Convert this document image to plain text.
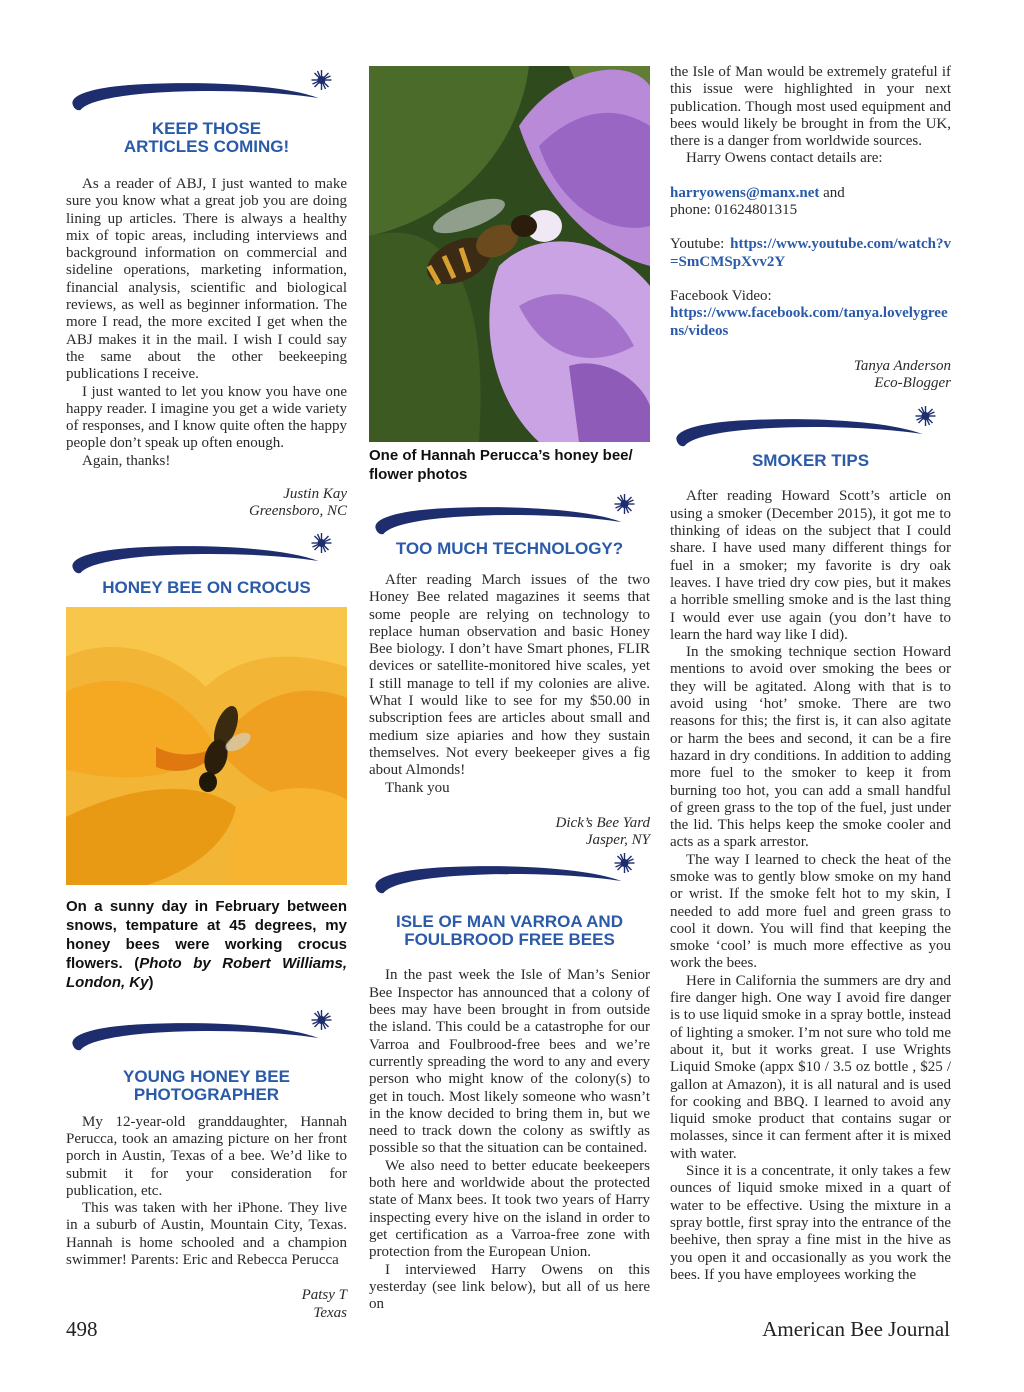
KEEP THOSE
ARTICLES COMING!

As a reader of ABJ, I just wanted to make sure you know what a great job you are doing lining up articles. There is always a healthy mix of topic areas, including interviews and background information on commercial and sideline operations, marketing information, financial analysis, scientific and biological reviews, as well as beginner information. The more I read, the more excited I get when the ABJ makes it in the mail. I wish I could say the same about the other beekeeping publications I receive.

I just wanted to let you know you have one happy reader. I imagine you get a wide variety of responses, and I know quite often the happy people don’t speak up often enough.

Again, thanks!

Justin Kay

Greensboro, NC

HONEY BEE ON CROCUS

On a sunny day in February between snows, tempature at 45 degrees, my honey bees were working crocus flowers. (Photo by Robert Williams, London, Ky)

YOUNG HONEY BEE
PHOTOGRAPHER

My 12-year-old granddaughter, Hannah Perucca, took an amazing picture on her front porch in Austin, Texas of a bee. We’d like to submit it for your consideration for publication, etc.

This was taken with her iPhone. They live in a suburb of Austin, Mountain City, Texas. Hannah is home schooled and a champion swimmer! Parents: Eric and Rebecca Perucca

Patsy T

Texas

One of Hannah Perucca’s honey bee/ flower photos

TOO MUCH TECHNOLOGY?

After reading March issues of the two Honey Bee related magazines it seems that some people are relying on technology to replace human observation and basic Honey Bee biology. I don’t have Smart phones, FLIR devices or satellite-monitored hive scales, yet I still manage to tell if my colonies are alive. What I would like to see for my $50.00 in subscription fees are articles about small and medium size apiaries and how they sustain themselves. Not every beekeeper gives a fig about Almonds!

Thank you

Dick’s Bee Yard

Jasper, NY

ISLE OF MAN VARROA AND
FOULBROOD FREE BEES

In the past week the Isle of Man’s Senior Bee Inspector has announced that a colony of bees may have been brought in from outside the island. This could be a catastrophe for our Varroa and Foulbrood-free bees and we’re currently spreading the word to any and every person who might know of the colony(s) to get in touch. Most likely someone who wasn’t in the know decided to bring them in, but we need to track down the colony as swiftly as possible so that the situation can be contained.

We also need to better educate beekeepers both here and worldwide about the protected state of Manx bees. It took two years of Harry inspecting every hive on the island in order to get certification as a Varroa-free zone with protection from the European Union.

I interviewed Harry Owens on this yesterday (see link below), but all of us here on

the Isle of Man would be extremely grateful if this issue were highlighted in your next publication. Though most used equipment and bees would likely be brought in from the UK, there is a danger from worldwide sources.

Harry Owens contact details are:

harryowens@manx.net and

phone: 01624801315

Youtube: https://www.youtube.com/watch?v=SmCMSpXvv2Y

Facebook Video:

https://www.facebook.com/tanya.lovelygreens/videos

Tanya Anderson

Eco-Blogger

SMOKER TIPS

After reading Howard Scott’s article on using a smoker (December 2015), it got me to thinking of ideas on the subject that I could share. I have used many different things for fuel in a smoker; my favorite is dry oak leaves. I have tried dry cow pies, but it makes a horrible smelling smoke and is the last thing I would ever use again (you don’t have to learn the hard way like I did).

In the smoking technique section Howard mentions to avoid over smoking the bees or they will be agitated. Along with that is to avoid using ‘hot’ smoke. There are two reasons for this; the first is, it can also agitate or harm the bees and second, it can be a fire hazard in dry conditions. In addition to adding more fuel to the smoker to keep it from burning too hot, you can add a small handful of green grass to the top of the fuel, just under the lid. This helps keep the smoke cooler and acts as a spark arrestor.

The way I learned to check the heat of the smoke was to gently blow smoke on my hand or wrist. If the smoke felt hot to my skin, I needed to add more fuel and green grass to cool it down. You will find that keeping the smoke ‘cool’ is much more effective as you work the bees.

Here in California the summers are dry and fire danger high. One way I avoid fire danger is to use liquid smoke in a spray bottle, instead of lighting a smoker. I’m not sure who told me about it, but it works great. I use Wrights Liquid Smoke (appx $10 / 3.5 oz bottle , $25 / gallon at Amazon), it is all natural and is used for cooking and BBQ. I learned to avoid any liquid smoke product that contains sugar or molasses, since it can ferment after it is mixed with water.

Since it is a concentrate, it only takes a few ounces of liquid smoke mixed in a quart of water to be effective. Using the mixture in a spray bottle, first spray into the entrance of the beehive, then spray a fine mist in the hive as you open it and occasionally as you work the bees. If you have employees working the

498	American Bee Journal
